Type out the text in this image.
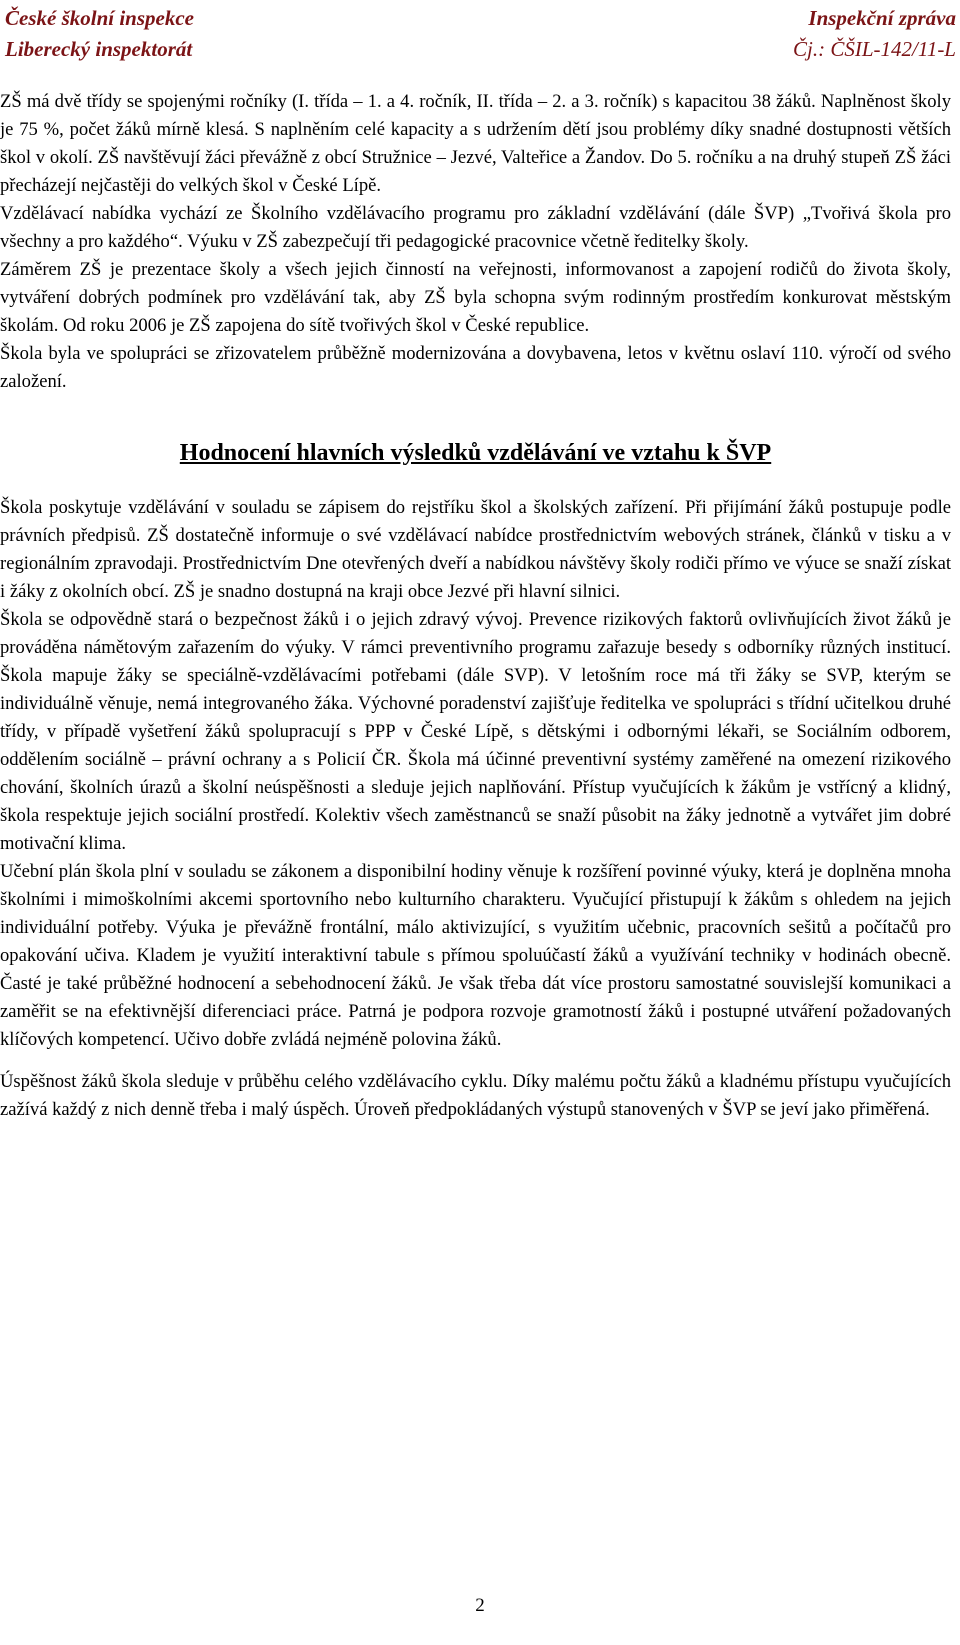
České školní inspekce
Liberecký inspektorát
Inspekční zpráva
Čj.: ČŠIL-142/11-L

ZŠ má dvě třídy se spojenými ročníky (I. třída – 1. a 4. ročník, II. třída – 2. a 3. ročník) s kapacitou 38 žáků. Naplněnost školy je 75 %, počet žáků mírně klesá. S naplněním celé kapacity a s udržením dětí jsou problémy díky snadné dostupnosti větších škol v okolí. ZŠ navštěvují žáci převážně z obcí Stružnice – Jezvé, Valteřice a Žandov. Do 5. ročníku a na druhý stupeň ZŠ žáci přecházejí nejčastěji do velkých škol v České Lípě.

Vzdělávací nabídka vychází ze Školního vzdělávacího programu pro základní vzdělávání (dále ŠVP) „Tvořivá škola pro všechny a pro každého“. Výuku v ZŠ zabezpečují tři pedagogické pracovnice včetně ředitelky školy.

Záměrem ZŠ je prezentace školy a všech jejich činností na veřejnosti, informovanost a zapojení rodičů do života školy, vytváření dobrých podmínek pro vzdělávání tak, aby ZŠ byla schopna svým rodinným prostředím konkurovat městským školám. Od roku 2006 je ZŠ zapojena do sítě tvořivých škol v České republice.

Škola byla ve spolupráci se zřizovatelem průběžně modernizována a dovybavena, letos v květnu oslaví 110. výročí od svého založení.

Hodnocení hlavních výsledků vzdělávání ve vztahu k ŠVP

Škola poskytuje vzdělávání v souladu se zápisem do rejstříku škol a školských zařízení. Při přijímání žáků postupuje podle právních předpisů. ZŠ dostatečně informuje o své vzdělávací nabídce prostřednictvím webových stránek, článků v tisku a v regionálním zpravodaji. Prostřednictvím Dne otevřených dveří a nabídkou návštěvy školy rodiči přímo ve výuce se snaží získat i žáky z okolních obcí. ZŠ je snadno dostupná na kraji obce Jezvé při hlavní silnici.

Škola se odpovědně stará o bezpečnost žáků i o jejich zdravý vývoj. Prevence rizikových faktorů ovlivňujících život žáků je prováděna námětovým zařazením do výuky. V rámci preventivního programu zařazuje besedy s odborníky různých institucí. Škola mapuje žáky se speciálně-vzdělávacími potřebami (dále SVP). V letošním roce má tři žáky se SVP, kterým se individuálně věnuje, nemá integrovaného žáka. Výchovné poradenství zajišťuje ředitelka ve spolupráci s třídní učitelkou druhé třídy, v případě vyšetření žáků spolupracují s PPP v České Lípě, s dětskými i odbornými lékaři, se Sociálním odborem, oddělením sociálně – právní ochrany a s Policií ČR. Škola má účinné preventivní systémy zaměřené na omezení rizikového chování, školních úrazů a školní neúspěšnosti a sleduje jejich naplňování. Přístup vyučujících k žákům je vstřícný a klidný, škola respektuje jejich sociální prostředí. Kolektiv všech zaměstnanců se snaží působit na žáky jednotně a vytvářet jim dobré motivační klima.

Učební plán škola plní v souladu se zákonem a disponibilní hodiny věnuje k rozšíření povinné výuky, která je doplněna mnoha školními i mimoškolními akcemi sportovního nebo kulturního charakteru. Vyučující přistupují k žákům s ohledem na jejich individuální potřeby. Výuka je převážně frontální, málo aktivizující, s využitím učebnic, pracovních sešitů a počítačů pro opakování učiva. Kladem je využití interaktivní tabule s přímou spoluúčastí žáků a využívání techniky v hodinách obecně. Časté je také průběžné hodnocení a sebehodnocení žáků. Je však třeba dát více prostoru samostatné souvislejší komunikaci a zaměřit se na efektivnější diferenciaci práce. Patrná je podpora rozvoje gramotností žáků i postupné utváření požadovaných klíčových kompetencí. Učivo dobře zvládá nejméně polovina žáků.

Úspěšnost žáků škola sleduje v průběhu celého vzdělávacího cyklu. Díky malému počtu žáků a kladnému přístupu vyučujících zažívá každý z nich denně třeba i malý úspěch. Úroveň předpokládaných výstupů stanovených v ŠVP se jeví jako přiměřená.

2
